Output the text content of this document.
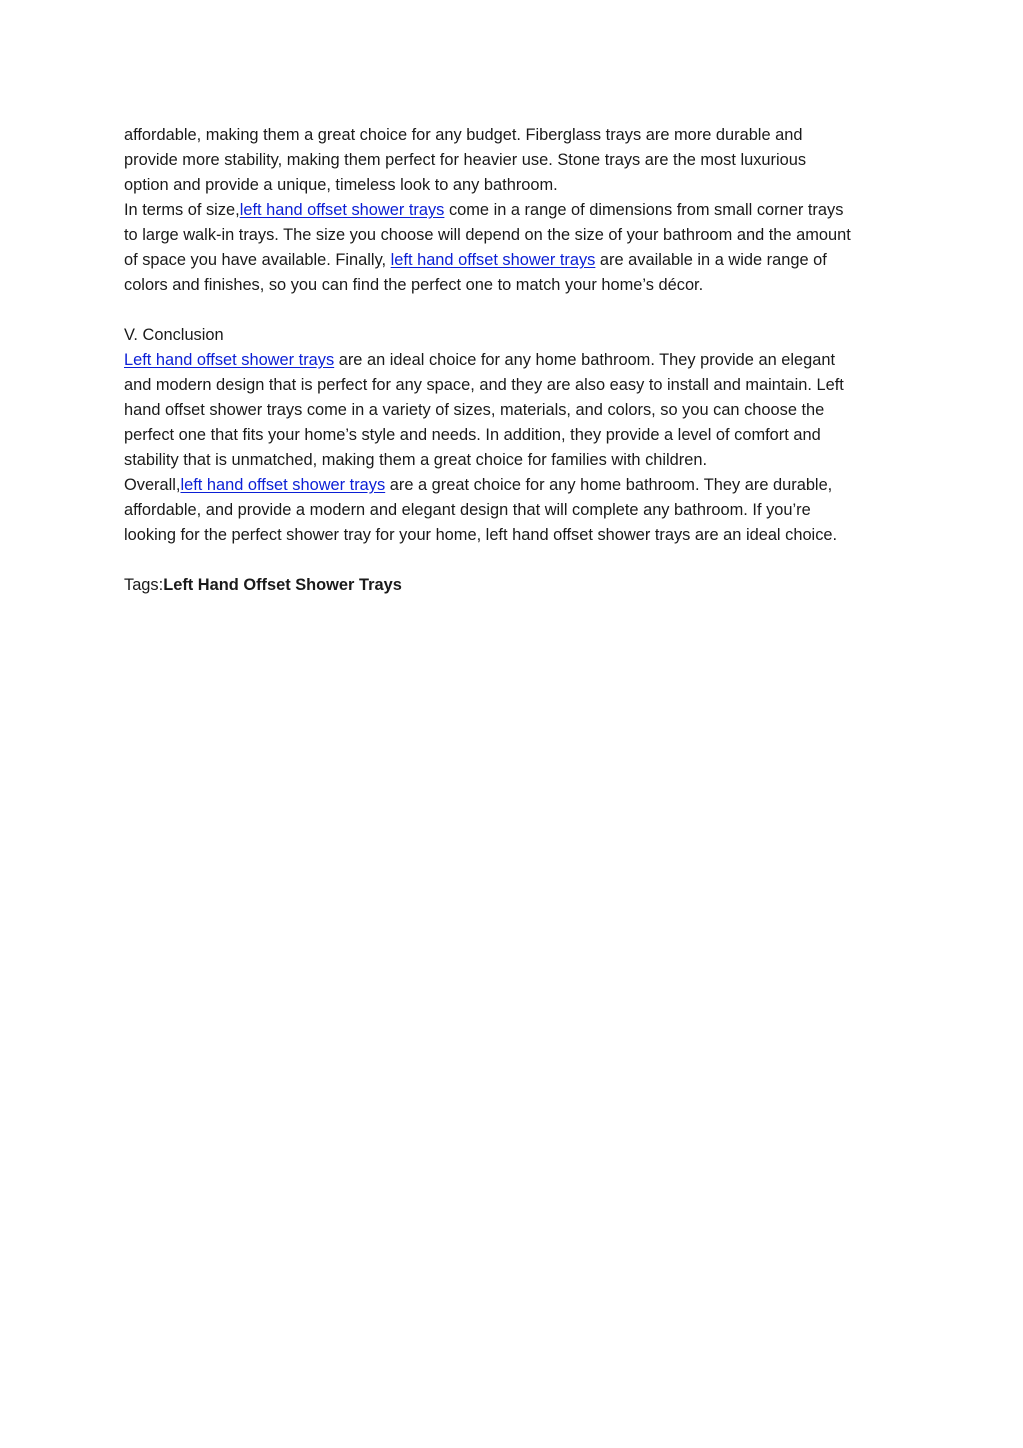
affordable, making them a great choice for any budget. Fiberglass trays are more durable and

provide more stability, making them perfect for heavier use. Stone trays are the most luxurious

option and provide a unique, timeless look to any bathroom.

In terms of size,left hand offset shower trays come in a range of dimensions from small corner trays

to large walk-in trays. The size you choose will depend on the size of your bathroom and the amount

of space you have available. Finally, left hand offset shower trays are available in a wide range of

colors and finishes, so you can find the perfect one to match your home’s décor.

V. Conclusion

Left hand offset shower trays are an ideal choice for any home bathroom. They provide an elegant

and modern design that is perfect for any space, and they are also easy to install and maintain. Left

hand offset shower trays come in a variety of sizes, materials, and colors, so you can choose the

perfect one that fits your home’s style and needs. In addition, they provide a level of comfort and

stability that is unmatched, making them a great choice for families with children.

Overall,left hand offset shower trays are a great choice for any home bathroom. They are durable,

affordable, and provide a modern and elegant design that will complete any bathroom. If you’re

looking for the perfect shower tray for your home, left hand offset shower trays are an ideal choice.

Tags:Left Hand Offset Shower Trays
